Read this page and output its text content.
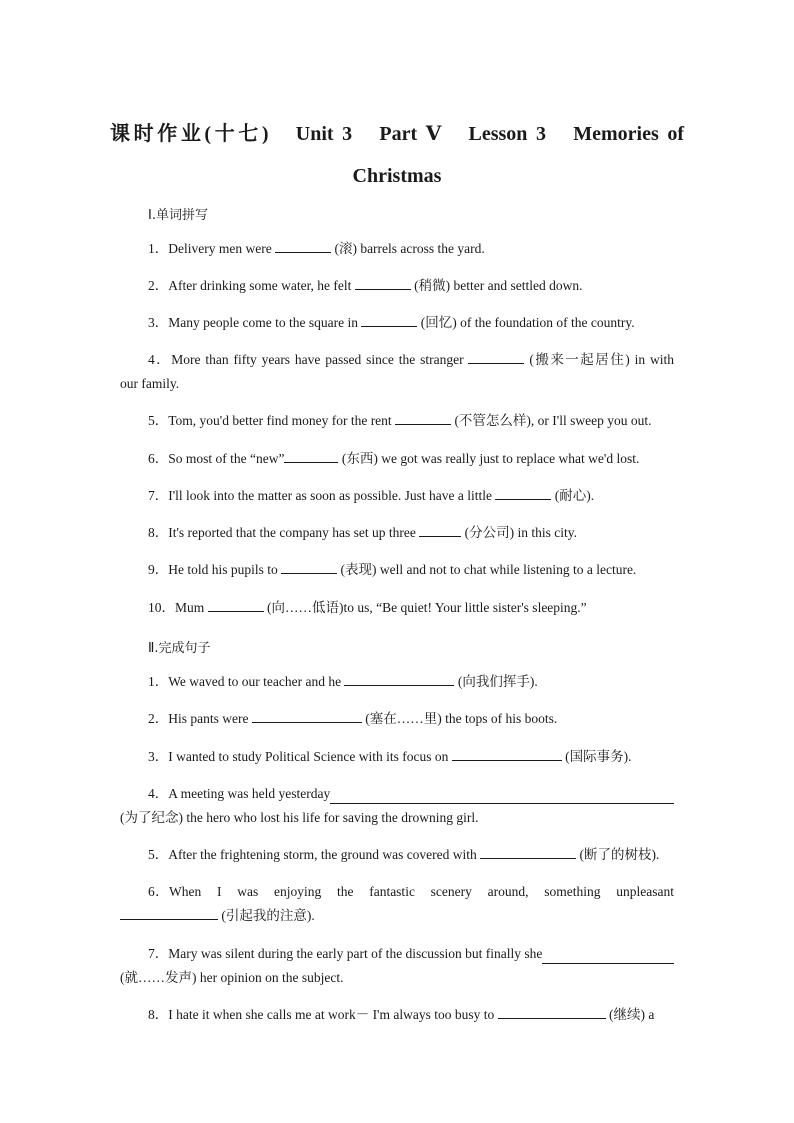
课时作业(十七)　Unit 3　Part Ⅴ　Lesson 3　Memories of
Christmas
Ⅰ.单词拼写
1．Delivery men were	(滚) barrels across the yard.
2．After drinking some water, he felt	(稍微) better and settled down.
3．Many people come to the square in	(回忆) of the foundation of the country.
4．More than fifty years have passed since the stranger	(搬来一起居住) in with
our family.
5．Tom, you'd better find money for the rent	(不管怎么样), or I'll sweep you out.
6．So most of the “new”	(东西) we got was really just to replace what we'd lost.
7．I'll look into the matter as soon as possible. Just have a little	(耐心).
8．It's reported that the company has set up three	(分公司) in this city.
9．He told his pupils to	(表现) well and not to chat while listening to a lecture.
10．Mum	(向……低语)to us, “Be quiet! Your little sister's sleeping.”
Ⅱ.完成句子
1．We waved to our teacher and he	(向我们挥手).
2．His pants were	(塞在……里) the tops of his boots.
3．I wanted to study Political Science with its focus on	(国际事务).
4． A meeting was held yesterday
(为了纪念) the hero who lost his life for saving the drowning girl.
5．After the frightening storm, the ground was covered with	(断了的树枝).
6．When I was enjoying the fantastic scenery around, something unpleasant
(引起我的注意).
7． Mary was silent during the early part of the discussion but finally she
(就……发声) her opinion on the subject.
8．I hate it when she calls me at work－ I'm always too busy to	(继续) a
